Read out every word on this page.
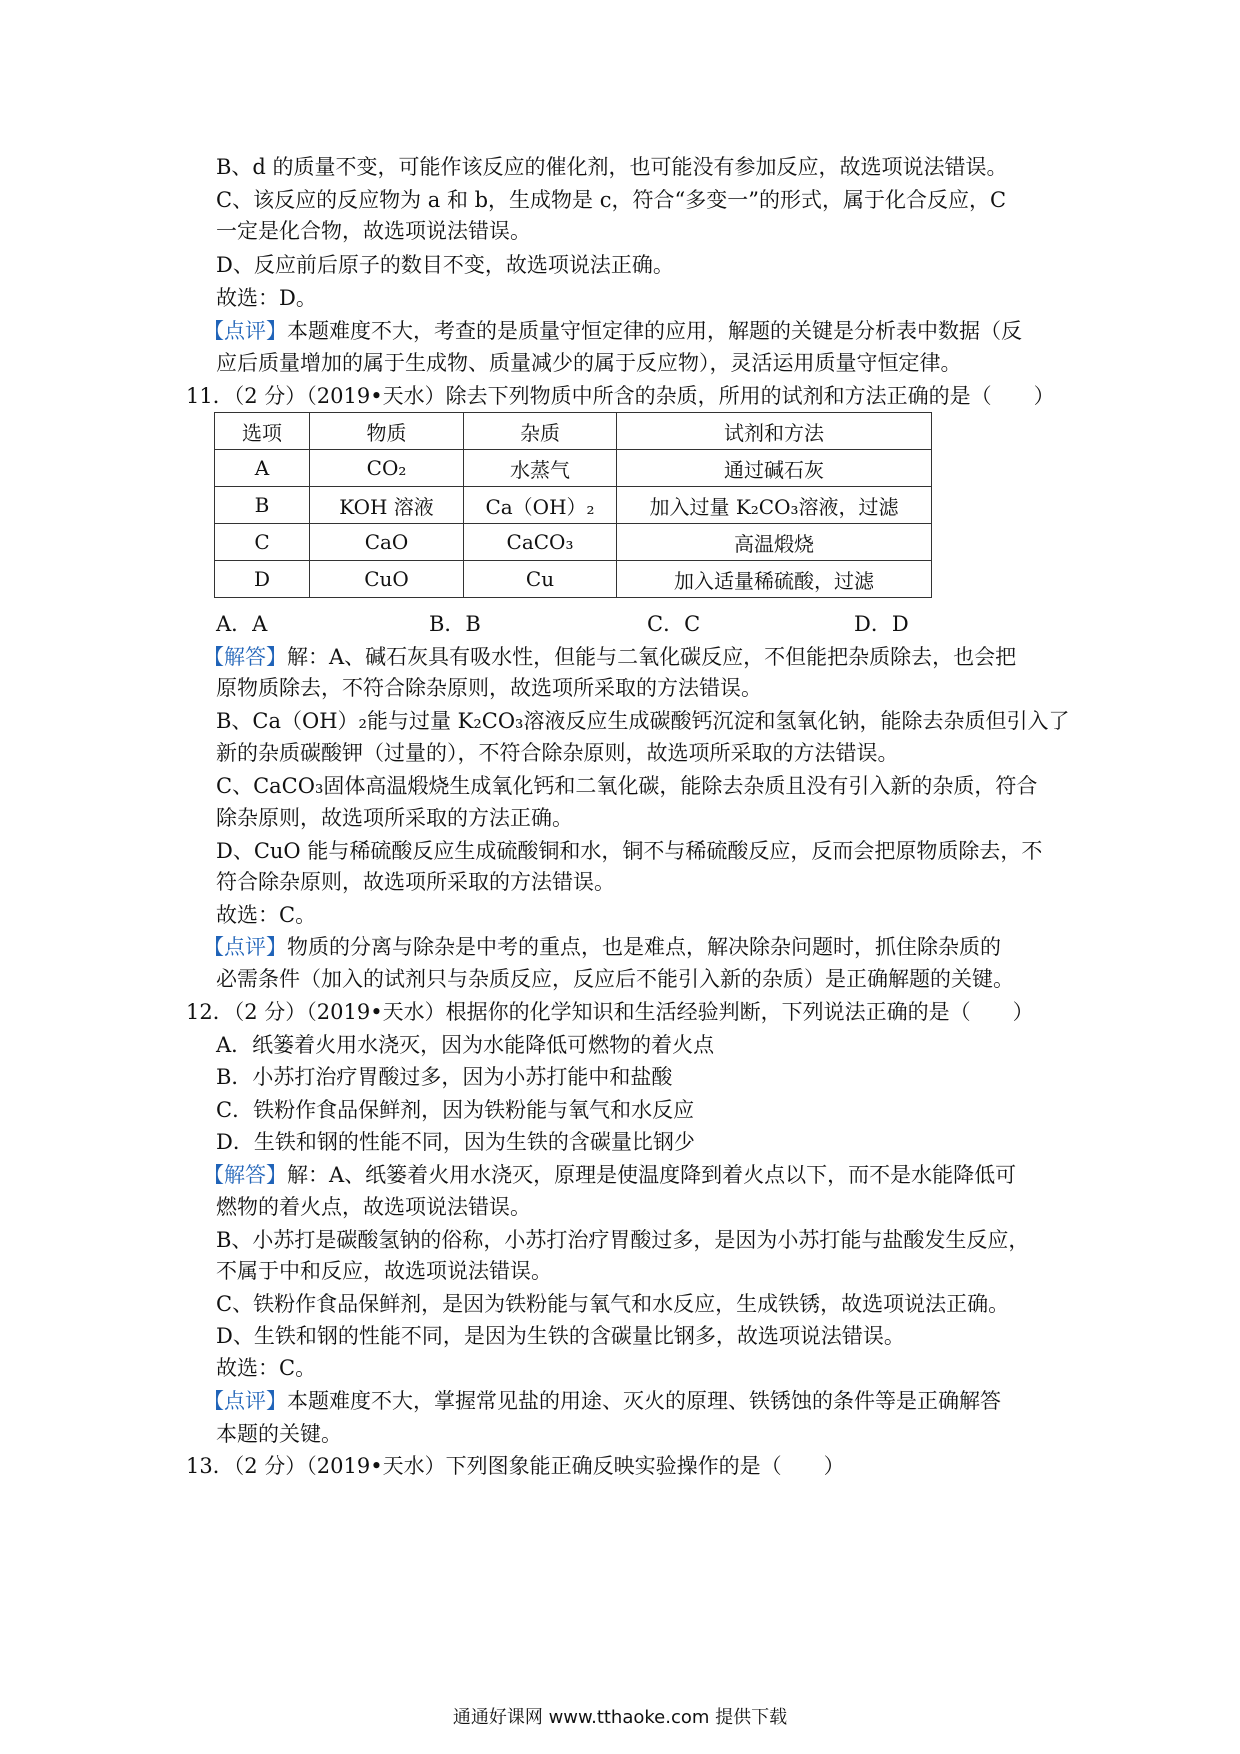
B、d 的质量不变，可能作该反应的催化剂，也可能没有参加反应，故选项说法错误。
C、该反应的反应物为 a 和 b，生成物是 c，符合“多变一”的形式，属于化合反应，C
一定是化合物，故选项说法错误。
D、反应前后原子的数目不变，故选项说法正确。
故选：D。
【点评】本题难度不大，考查的是质量守恒定律的应用，解题的关键是分析表中数据（反
应后质量增加的属于生成物、质量减少的属于反应物），灵活运用质量守恒定律。
11．（2 分）（2019•天水）除去下列物质中所含的杂质，所用的试剂和方法正确的是（　　）
选项	物质	杂质	试剂和方法
A	CO₂	水蒸气	通过碱石灰
B	KOH 溶液	Ca（OH）₂	加入过量 K₂CO₃溶液，过滤
C	CaO	CaCO₃	高温煅烧
D	CuO	Cu	加入适量稀硫酸，过滤
A．A	B．B	C．C	D．D
【解答】解：A、碱石灰具有吸水性，但能与二氧化碳反应，不但能把杂质除去，也会把
原物质除去，不符合除杂原则，故选项所采取的方法错误。
B、Ca（OH）₂能与过量 K₂CO₃溶液反应生成碳酸钙沉淀和氢氧化钠，能除去杂质但引入了
新的杂质碳酸钾（过量的），不符合除杂原则，故选项所采取的方法错误。
C、CaCO₃固体高温煅烧生成氧化钙和二氧化碳，能除去杂质且没有引入新的杂质，符合
除杂原则，故选项所采取的方法正确。
D、CuO 能与稀硫酸反应生成硫酸铜和水，铜不与稀硫酸反应，反而会把原物质除去，不
符合除杂原则，故选项所采取的方法错误。
故选：C。
【点评】物质的分离与除杂是中考的重点，也是难点，解决除杂问题时，抓住除杂质的
必需条件（加入的试剂只与杂质反应，反应后不能引入新的杂质）是正确解题的关键。
12．（2 分）（2019•天水）根据你的化学知识和生活经验判断，下列说法正确的是（　　）
A．纸篓着火用水浇灭，因为水能降低可燃物的着火点
B．小苏打治疗胃酸过多，因为小苏打能中和盐酸
C．铁粉作食品保鲜剂，因为铁粉能与氧气和水反应
D．生铁和钢的性能不同，因为生铁的含碳量比钢少
【解答】解：A、纸篓着火用水浇灭，原理是使温度降到着火点以下，而不是水能降低可
燃物的着火点，故选项说法错误。
B、小苏打是碳酸氢钠的俗称，小苏打治疗胃酸过多，是因为小苏打能与盐酸发生反应，
不属于中和反应，故选项说法错误。
C、铁粉作食品保鲜剂，是因为铁粉能与氧气和水反应，生成铁锈，故选项说法正确。
D、生铁和钢的性能不同，是因为生铁的含碳量比钢多，故选项说法错误。
故选：C。
【点评】本题难度不大，掌握常见盐的用途、灭火的原理、铁锈蚀的条件等是正确解答
本题的关键。
13．（2 分）（2019•天水）下列图象能正确反映实验操作的是（　　）
通通好课网 www.tthaoke.com 提供下载
